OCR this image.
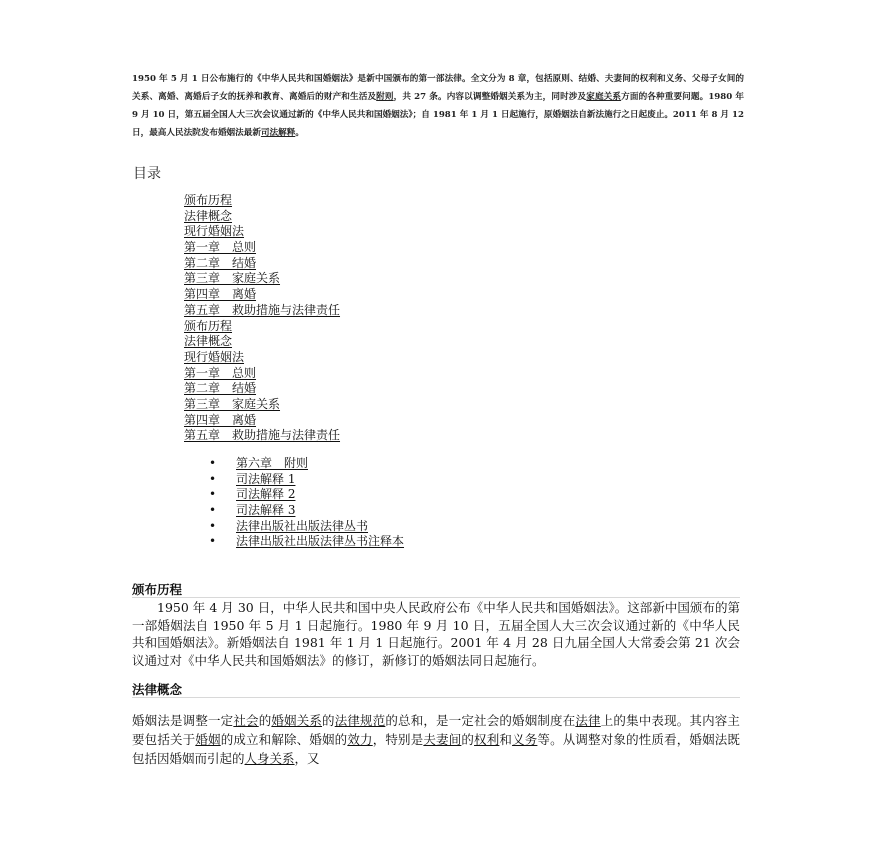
1950 年 5 月 1 日公布施行的《中华人民共和国婚姻法》是新中国颁布的第一部法律。全文分为 8 章，包括原则、结婚、夫妻间的权利和义务、父母子女间的关系、离婚、离婚后子女的抚养和教育、离婚后的财产和生活及附则，共 27 条。内容以调整婚姻关系为主，同时涉及家庭关系方面的各种重要问题。1980 年 9 月 10 日，第五届全国人大三次会议通过新的《中华人民共和国婚姻法》；自 1981 年 1 月 1 日起施行，原婚姻法自新法施行之日起废止。2011 年 8 月 12 日，最高人民法院发布婚姻法最新司法解释。
目录
颁布历程
法律概念
现行婚姻法
第一章　总则
第二章　结婚
第三章　家庭关系
第四章　离婚
第五章　救助措施与法律责任
颁布历程
法律概念
现行婚姻法
第一章　总则
第二章　结婚
第三章　家庭关系
第四章　离婚
第五章　救助措施与法律责任
• 第六章　附则
• 司法解释 1
• 司法解释 2
• 司法解释 3
• 法律出版社出版法律丛书
• 法律出版社出版法律丛书注释本
颁布历程
1950 年 4 月 30 日，中华人民共和国中央人民政府公布《中华人民共和国婚姻法》。这部新中国颁布的第一部婚姻法自 1950 年 5 月 1 日起施行。1980 年 9 月 10 日，五届全国人大三次会议通过新的《中华人民共和国婚姻法》。新婚姻法自 1981 年 1 月 1 日起施行。2001 年 4 月 28 日九届全国人大常委会第 21 次会议通过对《中华人民共和国婚姻法》的修订，新修订的婚姻法同日起施行。
法律概念
婚姻法是调整一定社会的婚姻关系的法律规范的总和，是一定社会的婚姻制度在法律上的集中表现。其内容主要包括关于婚姻的成立和解除、婚姻的效力，特别是夫妻间的权利和义务等。从调整对象的性质看，婚姻法既包括因婚姻而引起的人身关系，又
